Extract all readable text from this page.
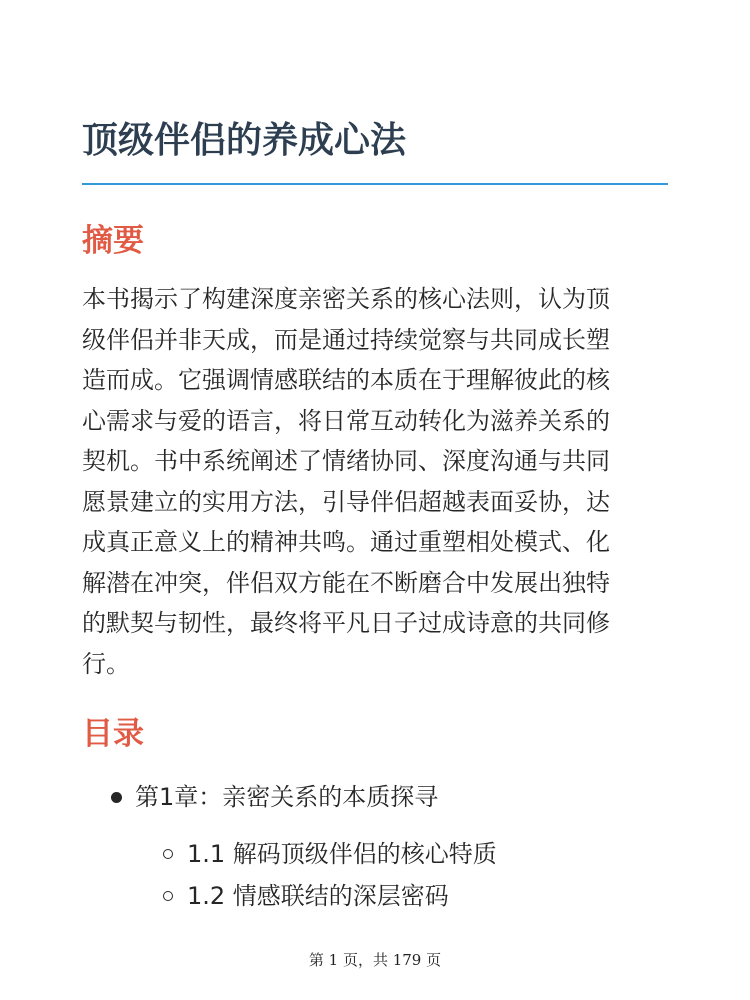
顶级伴侣的养成心法
摘要

本书揭示了构建深度亲密关系的核心法则，认为顶
级伴侣并非天成，而是通过持续觉察与共同成长塑
造而成。它强调情感联结的本质在于理解彼此的核
心需求与爱的语言，将日常互动转化为滋养关系的
契机。书中系统阐述了情绪协同、深度沟通与共同
愿景建立的实用方法，引导伴侣超越表面妥协，达
成真正意义上的精神共鸣。通过重塑相处模式、化
解潜在冲突，伴侣双方能在不断磨合中发展出独特
的默契与韧性，最终将平凡日子过成诗意的共同修
行。

目录
第1章：亲密关系的本质探寻
1.1 解码顶级伴侣的核心特质
1.2 情感联结的深层密码
第 1 页，共 179 页
